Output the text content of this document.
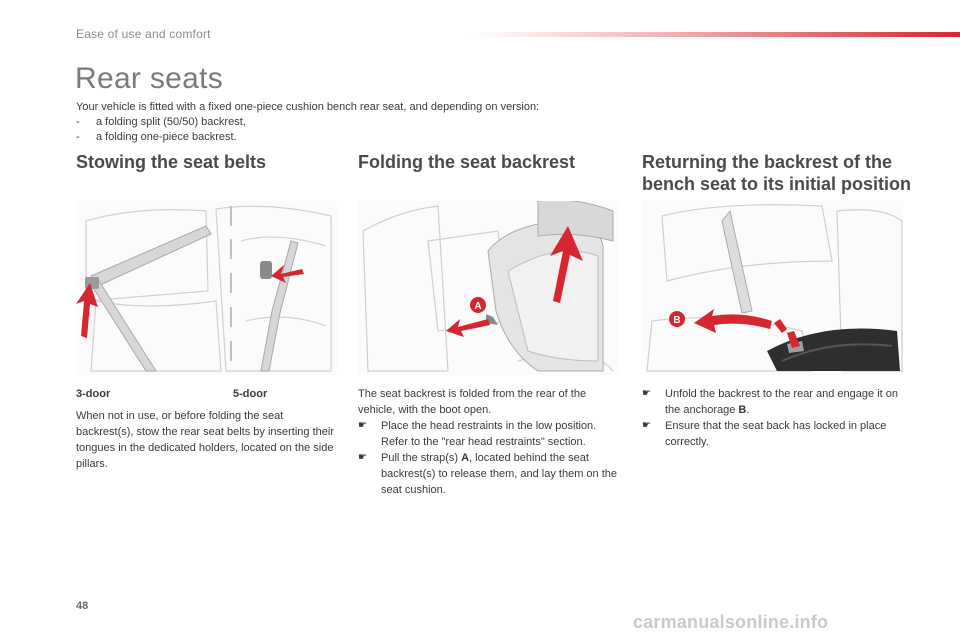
Ease of use and comfort
Rear seats

Your vehicle is fitted with a fixed one-piece cushion bench rear seat, and depending on version:

- a folding split (50/50) backrest,
- a folding one-piece backrest.
Stowing the seat belts	Folding the seat backrest	Returning the backrest of the bench seat to its initial position
A
B
3-door	5-door

When not in use, or before folding the seat backrest(s), stow the rear seat belts by inserting their tongues in the dedicated holders, located on the side pillars.

The seat backrest is folded from the rear of the vehicle, with the boot open.

☛ Place the head restraints in the low position.
Refer to the "rear head restraints" section.
☛ Pull the strap(s) A, located behind the seat backrest(s) to release them, and lay them on the seat cushion.
☛ Unfold the backrest to the rear and engage it on the anchorage B.
☛ Ensure that the seat back has locked in place correctly.
48
carmanualsonline.info
